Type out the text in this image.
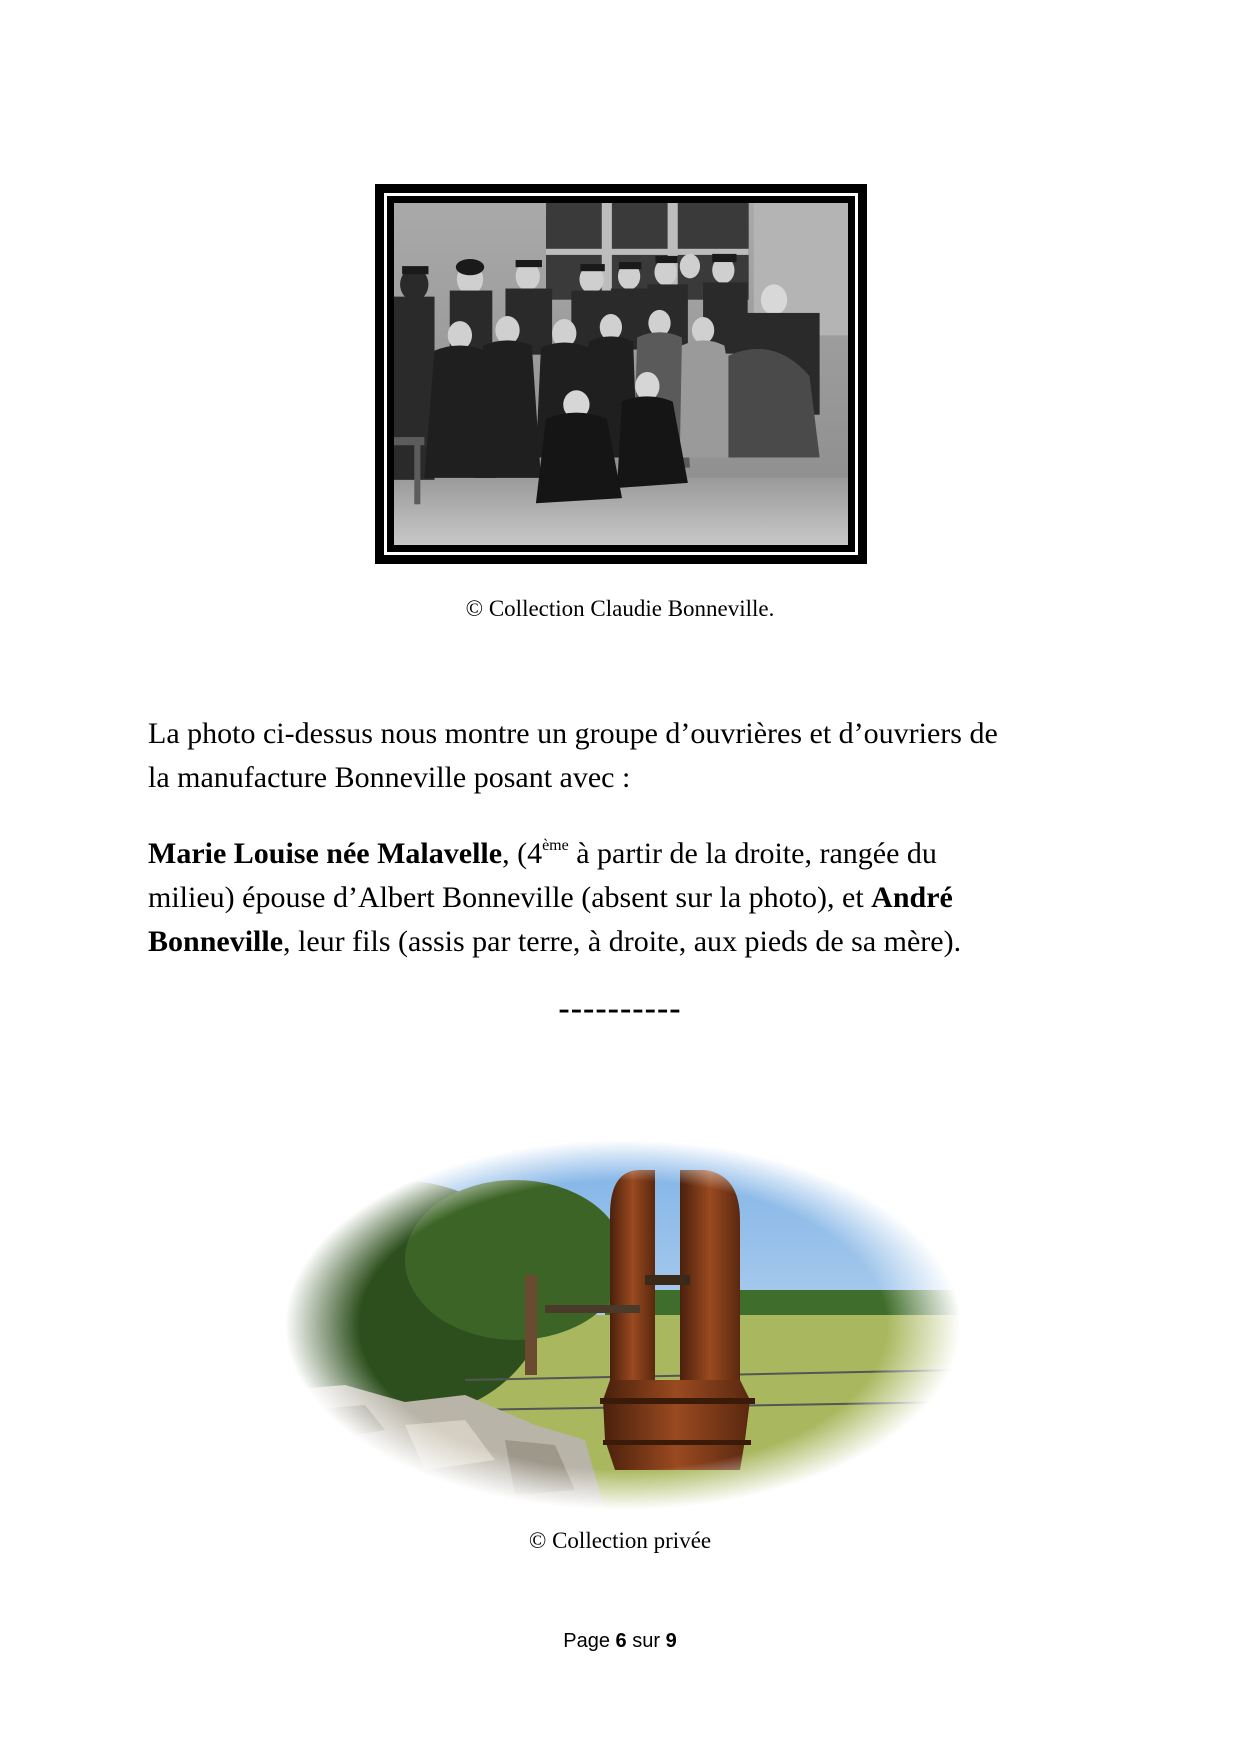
© Collection Claudie Bonneville.
La photo ci-dessus nous montre un groupe d’ouvrières et d’ouvriers de
la manufacture Bonneville posant avec :
Marie Louise née Malavelle, (4ème à partir de la droite, rangée du
milieu) épouse d’Albert Bonneville (absent sur la photo), et André
Bonneville, leur fils (assis par terre, à droite, aux pieds de sa mère).
----------
© Collection privée
Page 6 sur 9
